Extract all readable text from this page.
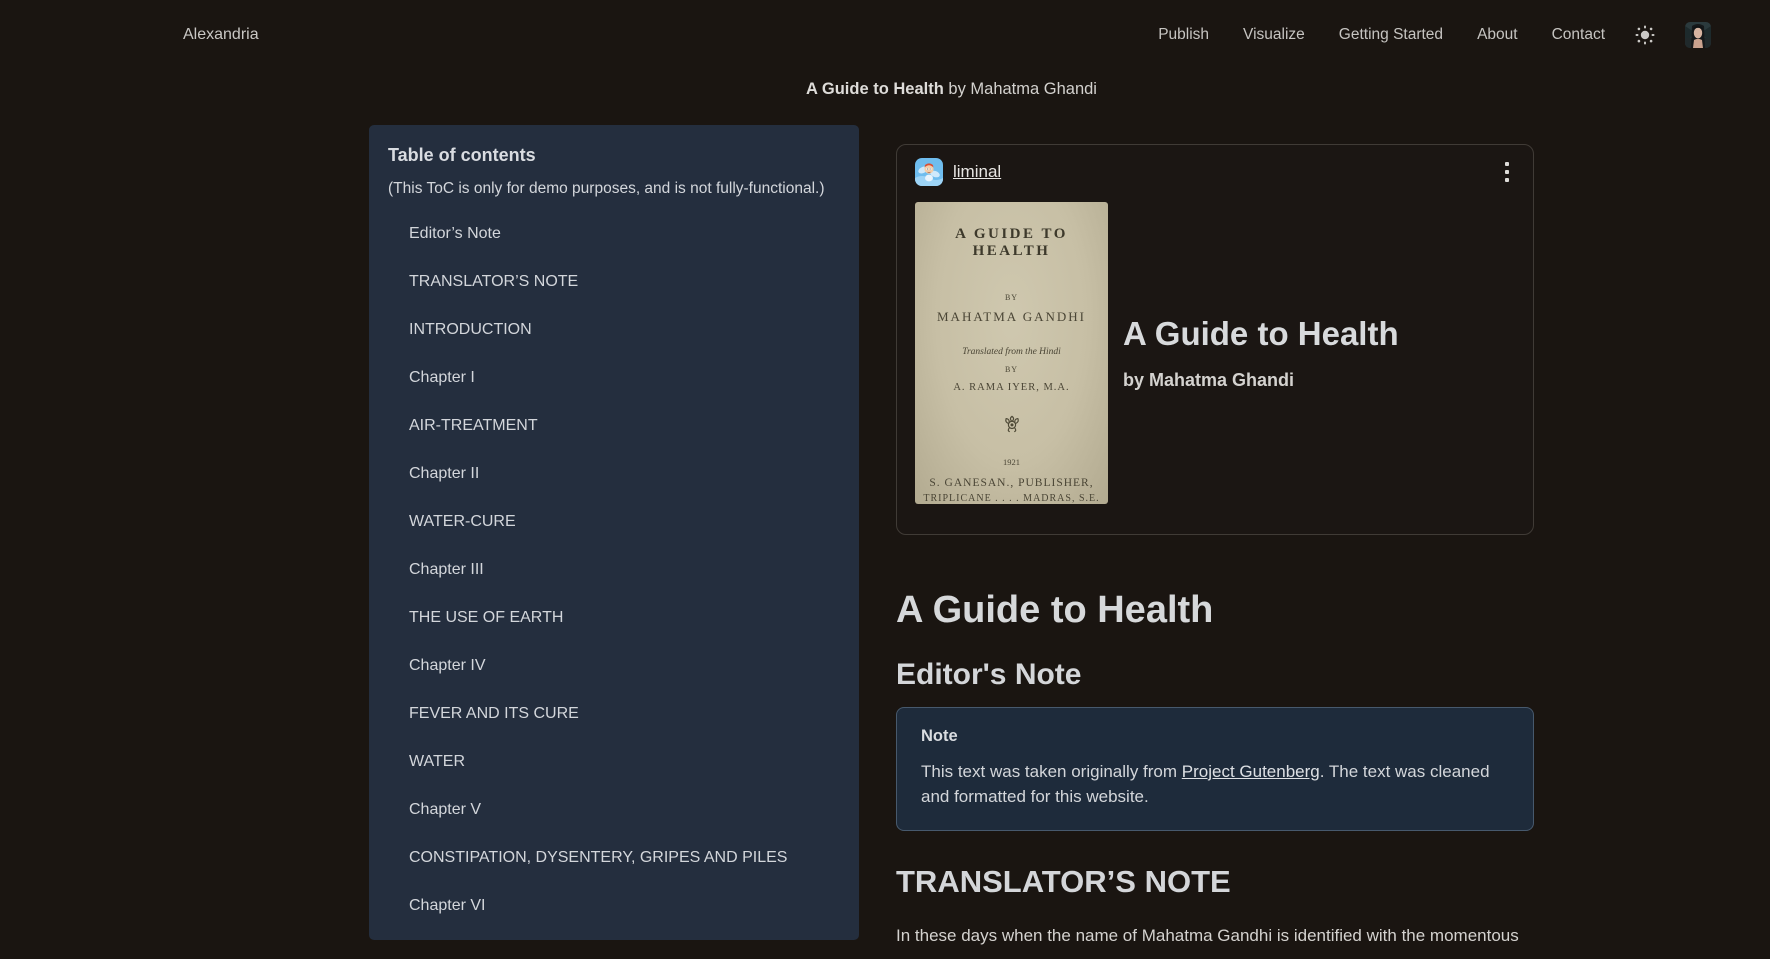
Alexandria	Publish Visualize Getting Started About Contact
A Guide to Health by Mahatma Ghandi
Table of contents

(This ToC is only for demo purposes, and is not fully-functional.)

Editor’s Note
TRANSLATOR’S NOTE
INTRODUCTION
Chapter I
AIR-TREATMENT
Chapter II
WATER-CURE
Chapter III
THE USE OF EARTH
Chapter IV
FEVER AND ITS CURE
WATER
Chapter V
CONSTIPATION, DYSENTERY, GRIPES AND PILES
Chapter VI
liminal

A GUIDE TO HEALTH

BY

MAHATMA GANDHI

Translated from the Hindi

BY

A. RAMA IYER, M.A.

1921

S. GANESAN., PUBLISHER,

TRIPLICANE . . . . MADRAS, S.E.

A Guide to Health

by Mahatma Ghandi

A Guide to Health
Editor's Note
Note

This text was taken originally from Project Gutenberg. The text was cleaned and formatted for this website.

TRANSLATOR’S NOTE

In these days when the name of Mahatma Gandhi is identified with the momentous
